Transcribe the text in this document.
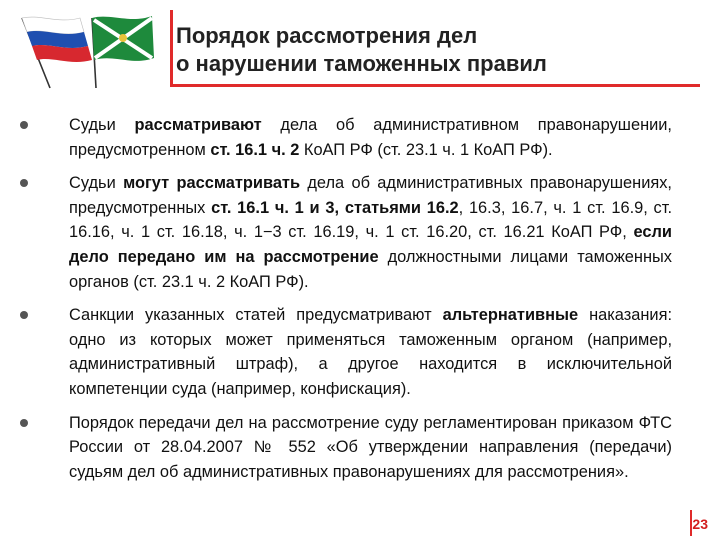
Порядок рассмотрения дел
о нарушении таможенных правил
Судьи рассматривают дела об административном правонарушении, предусмотренном ст. 16.1 ч. 2 КоАП РФ (ст. 23.1 ч. 1 КоАП РФ).
Судьи могут рассматривать дела об административных правонарушениях, предусмотренных ст. 16.1 ч. 1 и 3, статьями 16.2, 16.3, 16.7, ч. 1 ст. 16.9, ст. 16.16, ч. 1 ст. 16.18, ч. 1−3 ст. 16.19, ч. 1 ст. 16.20, ст. 16.21 КоАП РФ, если дело передано им на рассмотрение должностными лицами таможенных органов (ст. 23.1 ч. 2 КоАП РФ).
Санкции указанных статей предусматривают альтернативные наказания: одно из которых может применяться таможенным органом (например, административный штраф), а другое находится в исключительной компетенции суда (например, конфискация).
Порядок передачи дел на рассмотрение суду регламентирован приказом ФТС России от 28.04.2007 № 552 «Об утверждении направления (передачи) судьям дел об административных правонарушениях для рассмотрения».
23
